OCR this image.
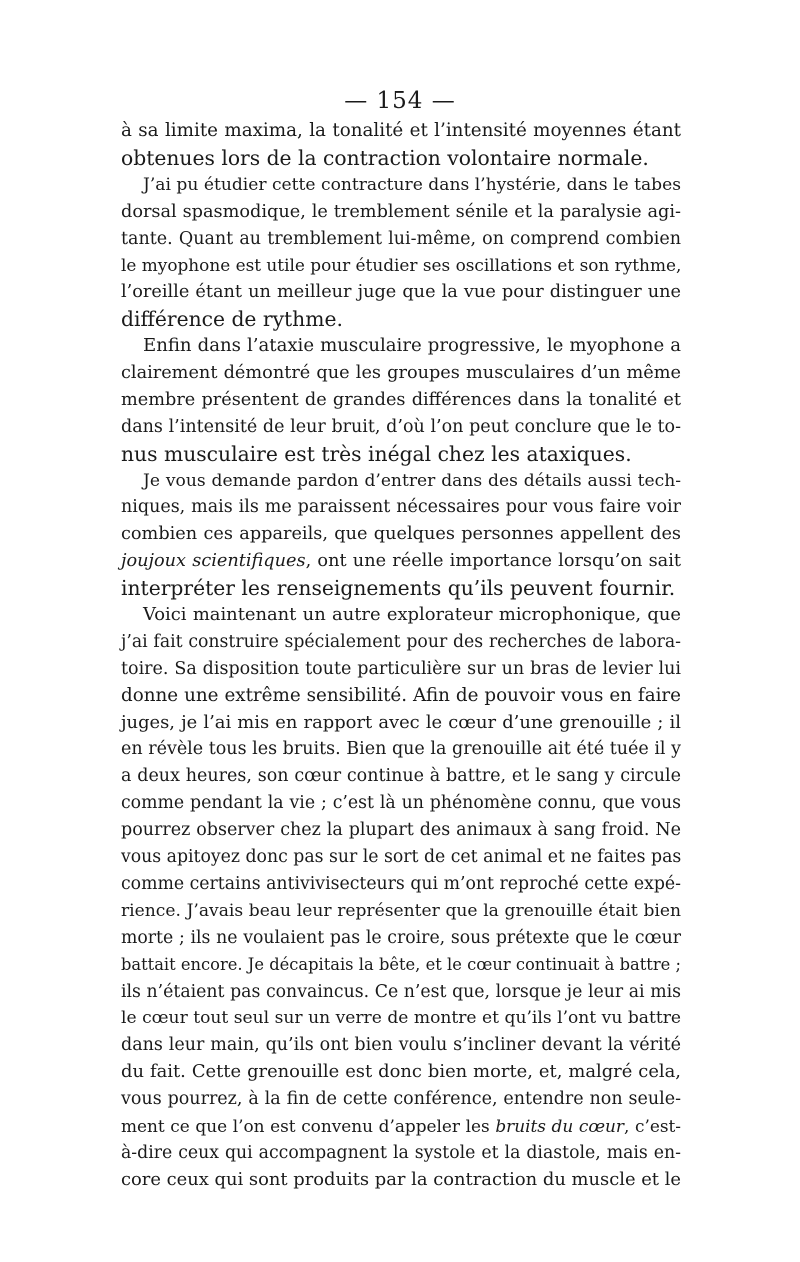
— 154 —
à sa limite maxima, la tonalité et l’intensité moyennes étant
obtenues lors de la contraction volontaire normale.
J’ai pu étudier cette contracture dans l’hystérie, dans le tabes
dorsal spasmodique, le tremblement sénile et la paralysie agi-
tante. Quant au tremblement lui-même, on comprend combien
le myophone est utile pour étudier ses oscillations et son rythme,
l’oreille étant un meilleur juge que la vue pour distinguer une
différence de rythme.
Enfin dans l’ataxie musculaire progressive, le myophone a
clairement démontré que les groupes musculaires d’un même
membre présentent de grandes différences dans la tonalité et
dans l’intensité de leur bruit, d’où l’on peut conclure que le to-
nus musculaire est très inégal chez les ataxiques.
Je vous demande pardon d’entrer dans des détails aussi tech-
niques, mais ils me paraissent nécessaires pour vous faire voir
combien ces appareils, que quelques personnes appellent des
joujoux scientifiques, ont une réelle importance lorsqu’on sait
interpréter les renseignements qu’ils peuvent fournir.
Voici maintenant un autre explorateur microphonique, que
j’ai fait construire spécialement pour des recherches de labora-
toire. Sa disposition toute particulière sur un bras de levier lui
donne une extrême sensibilité. Afin de pouvoir vous en faire
juges, je l’ai mis en rapport avec le cœur d’une grenouille ; il
en révèle tous les bruits. Bien que la grenouille ait été tuée il y
a deux heures, son cœur continue à battre, et le sang y circule
comme pendant la vie ; c’est là un phénomène connu, que vous
pourrez observer chez la plupart des animaux à sang froid. Ne
vous apitoyez donc pas sur le sort de cet animal et ne faites pas
comme certains antivivisecteurs qui m’ont reproché cette expé-
rience. J’avais beau leur représenter que la grenouille était bien
morte ; ils ne voulaient pas le croire, sous prétexte que le cœur
battait encore. Je décapitais la bête, et le cœur continuait à battre ;
ils n’étaient pas convaincus. Ce n’est que, lorsque je leur ai mis
le cœur tout seul sur un verre de montre et qu’ils l’ont vu battre
dans leur main, qu’ils ont bien voulu s’incliner devant la vérité
du fait. Cette grenouille est donc bien morte, et, malgré cela,
vous pourrez, à la fin de cette conférence, entendre non seule-
ment ce que l’on est convenu d’appeler les bruits du cœur, c’est-
à-dire ceux qui accompagnent la systole et la diastole, mais en-
core ceux qui sont produits par la contraction du muscle et le
